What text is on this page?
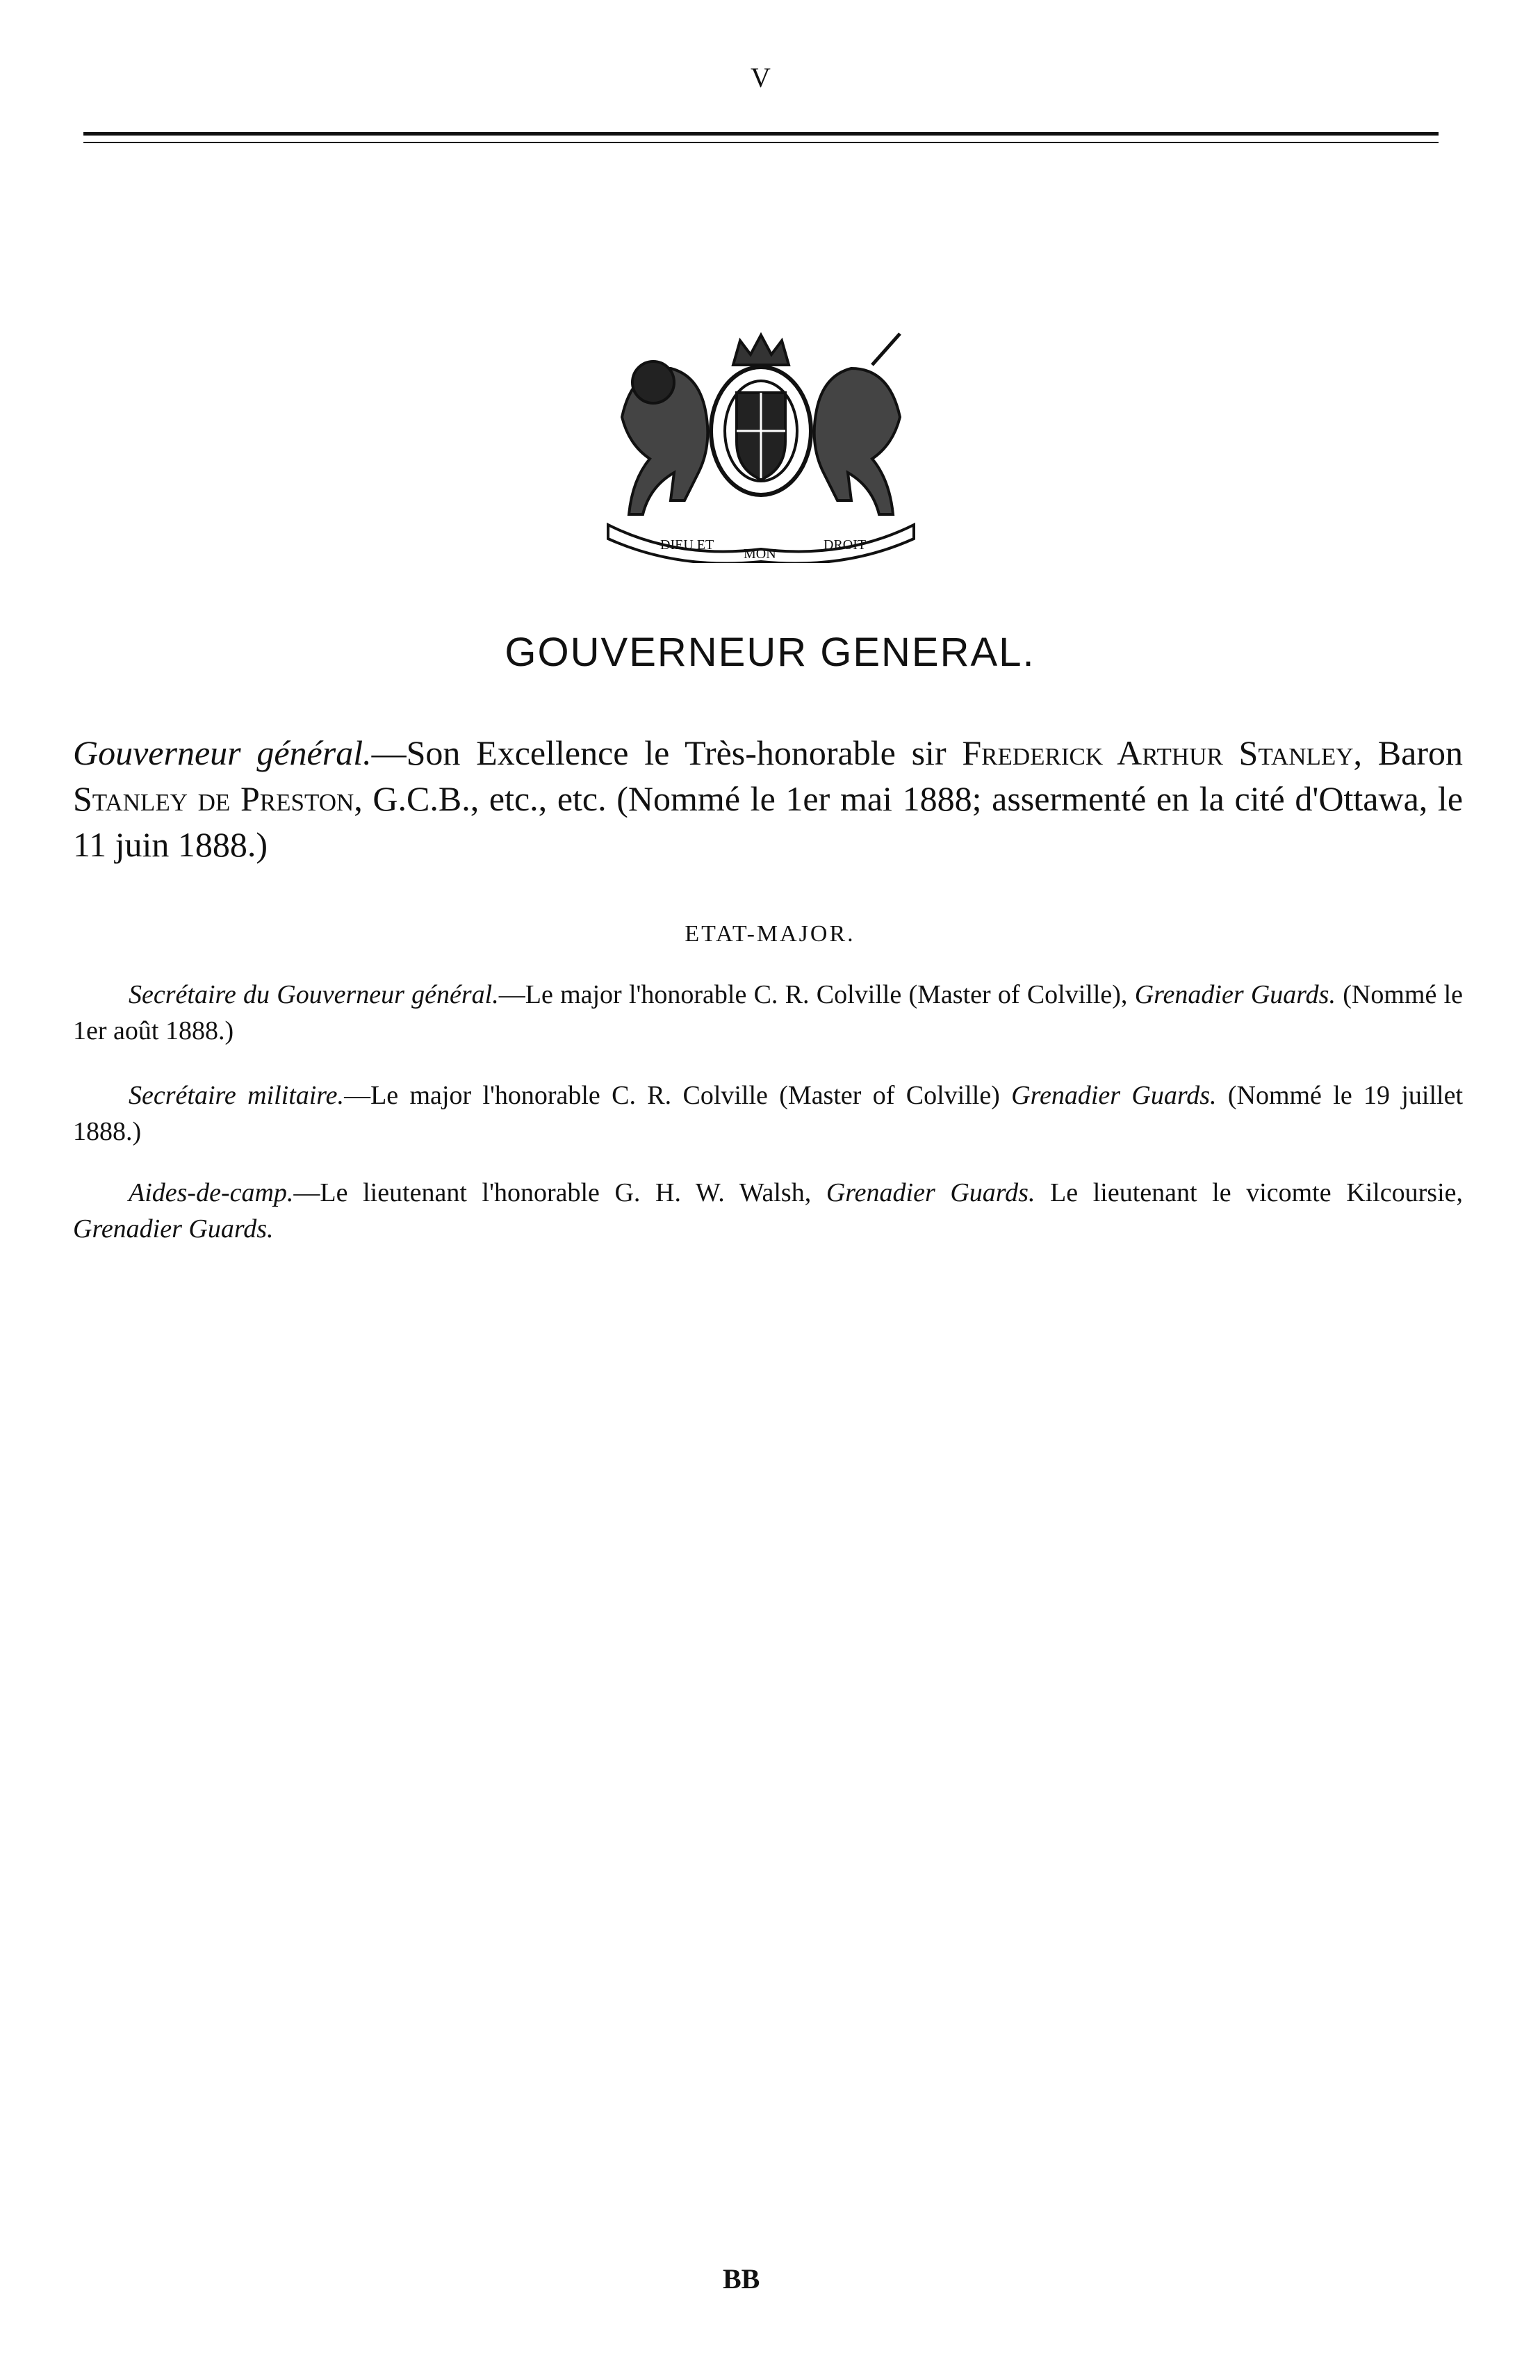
V
DIEU ET
MON
DROIT
GOUVERNEUR GENERAL.
Gouverneur général.—Son Excellence le Très-honorable sir Frederick Arthur Stanley, Baron Stanley de Preston, G.C.B., etc., etc. (Nommé le 1er mai 1888; assermenté en la cité d'Ottawa, le 11 juin 1888.)
ETAT-MAJOR.
Secrétaire du Gouverneur général.—Le major l'honorable C. R. Colville (Master of Colville), Grenadier Guards. (Nommé le 1er août 1888.)
Secrétaire militaire.—Le major l'honorable C. R. Colville (Master of Colville) Grenadier Guards. (Nommé le 19 juillet 1888.)
Aides-de-camp.—Le lieutenant l'honorable G. H. W. Walsh, Grenadier Guards. Le lieutenant le vicomte Kilcoursie, Grenadier Guards.
BB
